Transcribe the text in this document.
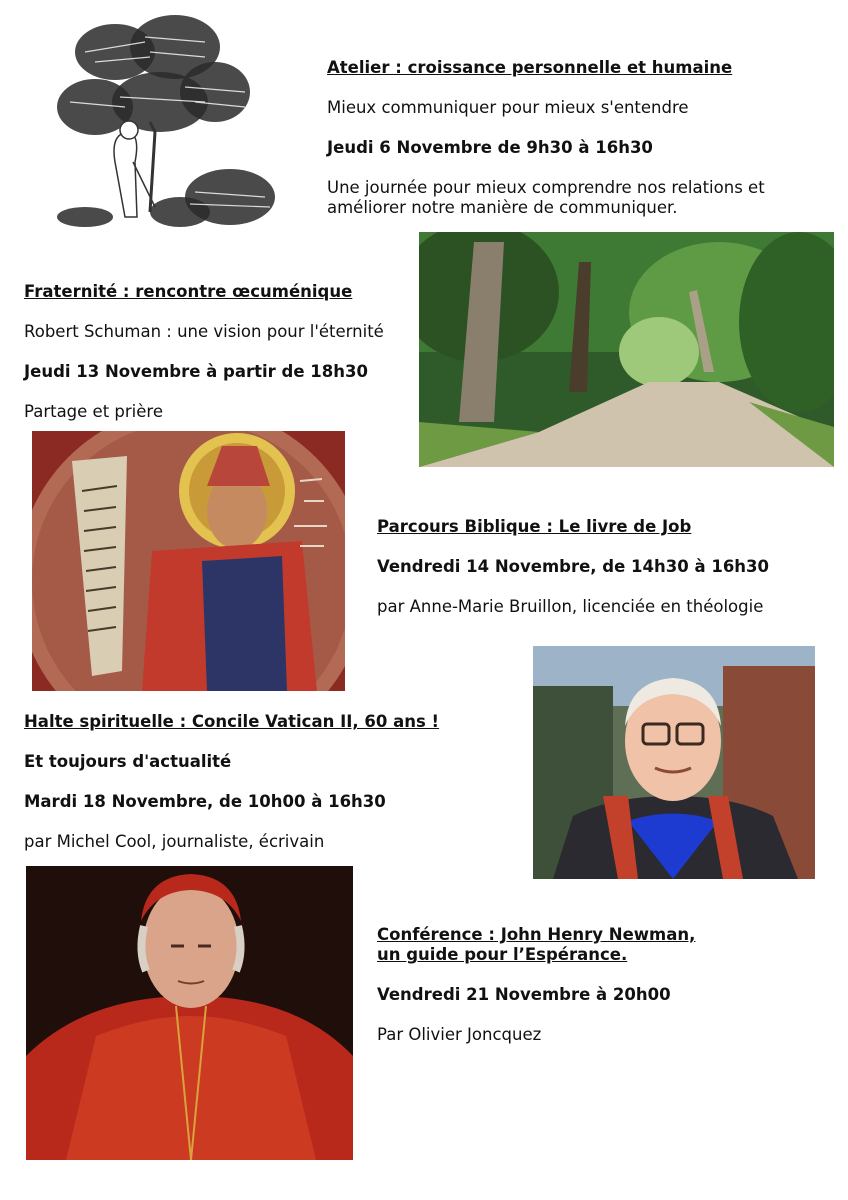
Atelier : croissance personnelle et humaine

Mieux communiquer pour mieux s'entendre

Jeudi 6 Novembre de 9h30 à 16h30

Une journée pour mieux comprendre nos relations et

améliorer notre manière de communiquer.

Fraternité : rencontre œcuménique

Robert Schuman : une vision pour l'éternité

Jeudi 13 Novembre à partir de 18h30

Partage et prière

Parcours Biblique : Le livre de Job

Vendredi 14 Novembre, de 14h30 à 16h30

par Anne-Marie Bruillon, licenciée en théologie

Halte spirituelle : Concile Vatican II, 60 ans !

Et toujours d'actualité

Mardi 18 Novembre, de 10h00 à 16h30

par Michel Cool, journaliste, écrivain

Conférence : John Henry Newman,

un guide pour l’Espérance.

Vendredi 21 Novembre à 20h00

Par Olivier Joncquez
